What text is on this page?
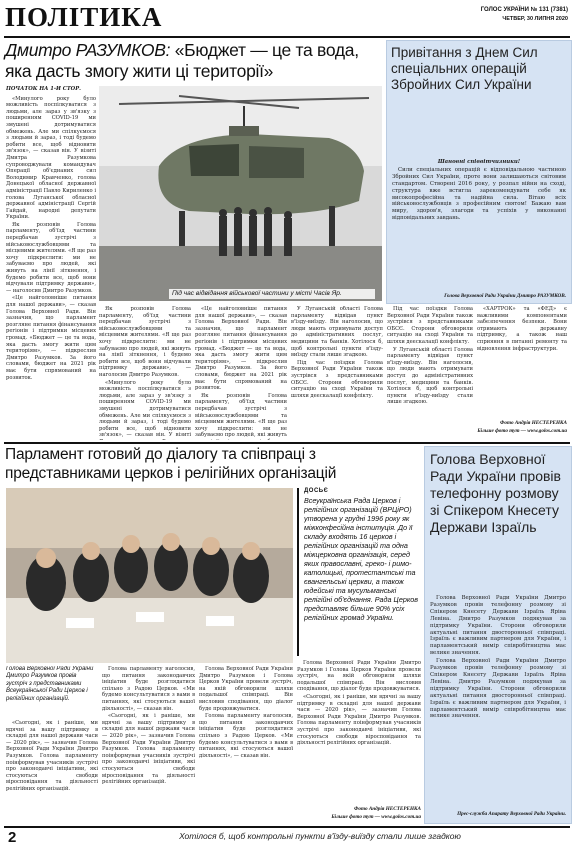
ПОЛІТИКА	ГОЛОС УКРАЇНИ № 131 (7381)
ЧЕТВЕР, 30 ЛИПНЯ 2020
Дмитро РАЗУМКОВ: «Бюджет — це та вода, яка дасть змогу жити ці території»
ПОЧАТОК НА 1-Й СТОР.

«Минулого року було можливість поспілкуватися з людьми, але зараз у зв'язку з поширенням COVID-19 ми змушені дотримуватися обмежень. Але ми спілкуємося з людьми й зараз, і тоді будемо робити все, щоб відновити зв'язок», — сказав він. У візиті Дмитра Разумкова супроводжували командувач Операції об'єднаних сил Володимир Кравченко, голова Донецької обласної державної адміністрації Павло Кириленко і голова Луганської обласної державної адміністрації Сергій Гайдай, народні депутати України.

Як розповів Голова парламенту, об'їзд частини передбачав зустрічі з військовослужбовцями та місцевими жителями. «Я ще раз хочу підкреслити: ми не забуваємо про людей, які живуть на лінії зіткнення, і будемо робити все, щоб вони відчували підтримку держави», — наголосив Дмитро Разумков.

«Це найголовніше питання для нашої держави», — сказав Голова Верховної Ради. Він зазначив, що парламент розгляне питання фінансування регіонів і підтримки місцевих громад. «Бюджет — це та вода, яка дасть змогу жити цим територіям», — підкреслив Дмитро Разумков. За його словами, бюджет на 2021 рік має бути спрямований на розвиток.

Під час відвідання військової частини у місті Часів Яр.

Як розповів Голова парламенту, об'їзд частини передбачав зустрічі з військовослужбовцями та місцевими жителями. «Я ще раз хочу підкреслити: ми не забуваємо про людей, які живуть на лінії зіткнення, і будемо робити все, щоб вони відчували підтримку держави», — наголосив Дмитро Разумков.

«Минулого року було можливість поспілкуватися з людьми, але зараз у зв'язку з поширенням COVID-19 ми змушені дотримуватися обмежень. Але ми спілкуємося з людьми й зараз, і тоді будемо робити все, щоб відновити зв'язок», — сказав він. У візиті

«Це найголовніше питання для нашої держави», — сказав Голова Верховної Ради. Він зазначив, що парламент розгляне питання фінансування регіонів і підтримки місцевих громад. «Бюджет — це та вода, яка дасть змогу жити цим територіям», — підкреслив Дмитро Разумков. За його словами, бюджет на 2021 рік має бути спрямований на розвиток.

Як розповів Голова парламенту, об'їзд частини передбачав зустрічі з військовослужбовцями та місцевими жителями. «Я ще раз хочу підкреслити: ми не забуваємо про людей, які живуть

У Луганській області Голова парламенту відвідав пункт в'їзду-виїзду. Він наголосив, що люди мають отримувати доступ до адміністративних послуг, медицини та банків. Хотілося б, щоб контрольні пункти в'їзду-виїзду стали лише згадкою.

Під час поїздки Голова Верховної Ради України також зустрівся з представниками ОБСЄ. Сторони обговорили ситуацію на сході України та шляхи деескалації конфлікту.

Під час поїздки Голова Верховної Ради України також зустрівся з представниками ОБСЄ. Сторони обговорили ситуацію на сході України та шляхи деескалації конфлікту.

У Луганській області Голова парламенту відвідав пункт в'їзду-виїзду. Він наголосив, що люди мають отримувати доступ до адміністративних послуг, медицини та банків. Хотілося б, щоб контрольні пункти в'їзду-виїзду стали лише згадкою.

«ХАРТРОК» та «ФЕД» є важливими компонентами забезпечення безпеки. Вони отримають державну підтримку, а також наш сприяння в питанні ремонту та відновлення інфраструктури.

Фото Андрія НЕСТЕРЕНКА
Більше фото тут — www.golos.com.ua
Привітання з Днем Сил спеціальних операцій Збройних Сил України

Шановні співвітчизники!

Сили спеціальних операцій є відповідальною частиною Збройних Сил України, проте вони залишаються світовим стандартом. Створені 2016 року, у розпал війни на сході, структура вже встигла зарекомендувати себе як високопрофесійна та надійна сила. Вітаю всіх військовослужбовців з професійним святом! Бажаю вам миру, здоров'я, злагоди та успіхів у виконанні відповідальних завдань.

Голова Верховної Ради України Дмитро РАЗУМКОВ.
Парламент готовий до діалогу та співпраці з представниками церков і релігійних організацій
ДОСЬЄ
Всеукраїнська Рада Церков і релігійних організацій (ВРЦіРО) утворена у грудні 1996 року як міжконфесійна інституція. До її складу входять 16 церков і релігійних організацій та одна міжцерковна організація, серед яких православні, греко- і римо-католицькі, протестантські та євангельські церкви, а також юдейські та мусульманські релігійні об'єднання. Рада Церков представляє більше 90% усіх релігійних громад України.
Голова Верховної Ради України Дмитро Разумков провів зустріч з представниками Всеукраїнської Ради Церков і релігійних організацій.

«Сьогодні, як і раніше, ми вдячні за вашу підтримку в складні для нашої держави часи — 2020 рік», — зазначив Голова Верховної Ради України Дмитро Разумков. Голова парламенту поінформував учасників зустрічі про законодавчі ініціативи, які стосуються свободи віросповідання та діяльності релігійних організацій.

Голова парламенту наголосив, що питання законодавчих ініціатив буде розглядатися спільно з Радою Церков. «Ми будемо консультуватися з вами в питаннях, які стосуються вашої діяльності», — сказав він.

«Сьогодні, як і раніше, ми вдячні за вашу підтримку в складні для нашої держави часи — 2020 рік», — зазначив Голова Верховної Ради України Дмитро Разумков. Голова парламенту поінформував учасників зустрічі про законодавчі ініціативи, які стосуються свободи віросповідання та діяльності релігійних організацій.

Голова Верховної Ради України Дмитро Разумков і Голова Церков України провели зустріч, на якій обговорили шляхи подальшої співпраці. Він висловив сподівання, що діалог буде продовжуватися.

Голова парламенту наголосив, що питання законодавчих ініціатив буде розглядатися спільно з Радою Церков. «Ми будемо консультуватися з вами в питаннях, які стосуються вашої діяльності», — сказав він.

Голова Верховної Ради України Дмитро Разумков і Голова Церков України провели зустріч, на якій обговорили шляхи подальшої співпраці. Він висловив сподівання, що діалог буде продовжуватися.

«Сьогодні, як і раніше, ми вдячні за вашу підтримку в складні для нашої держави часи — 2020 рік», — зазначив Голова Верховної Ради України Дмитро Разумков. Голова парламенту поінформував учасників зустрічі про законодавчі ініціативи, які стосуються свободи віросповідання та діяльності релігійних організацій.

Фото Андрія НЕСТЕРЕНКА
Більше фото тут — www.golos.com.ua
Голова Верховної Ради України провів телефонну розмову зі Спікером Кнесету Держави Ізраїль

Голова Верховної Ради України Дмитро Разумков провів телефонну розмову зі Спікером Кнесету Держави Ізраїль Яріва Левіна. Дмитро Разумков подякував за підтримку України. Сторони обговорили актуальні питання двосторонньої співпраці. Ізраїль є важливим партнером для України, і парламентський вимір співробітництва має велике значення.

Голова Верховної Ради України Дмитро Разумков провів телефонну розмову зі Спікером Кнесету Держави Ізраїль Яріва Левіна. Дмитро Разумков подякував за підтримку України. Сторони обговорили актуальні питання двосторонньої співпраці. Ізраїль є важливим партнером для України, і парламентський вимір співробітництва має велике значення.

Прес-служба Апарату Верховної Ради України.
2	Хотілося б, щоб контрольні пункти в'їзду-виїзду стали лише згадкою
